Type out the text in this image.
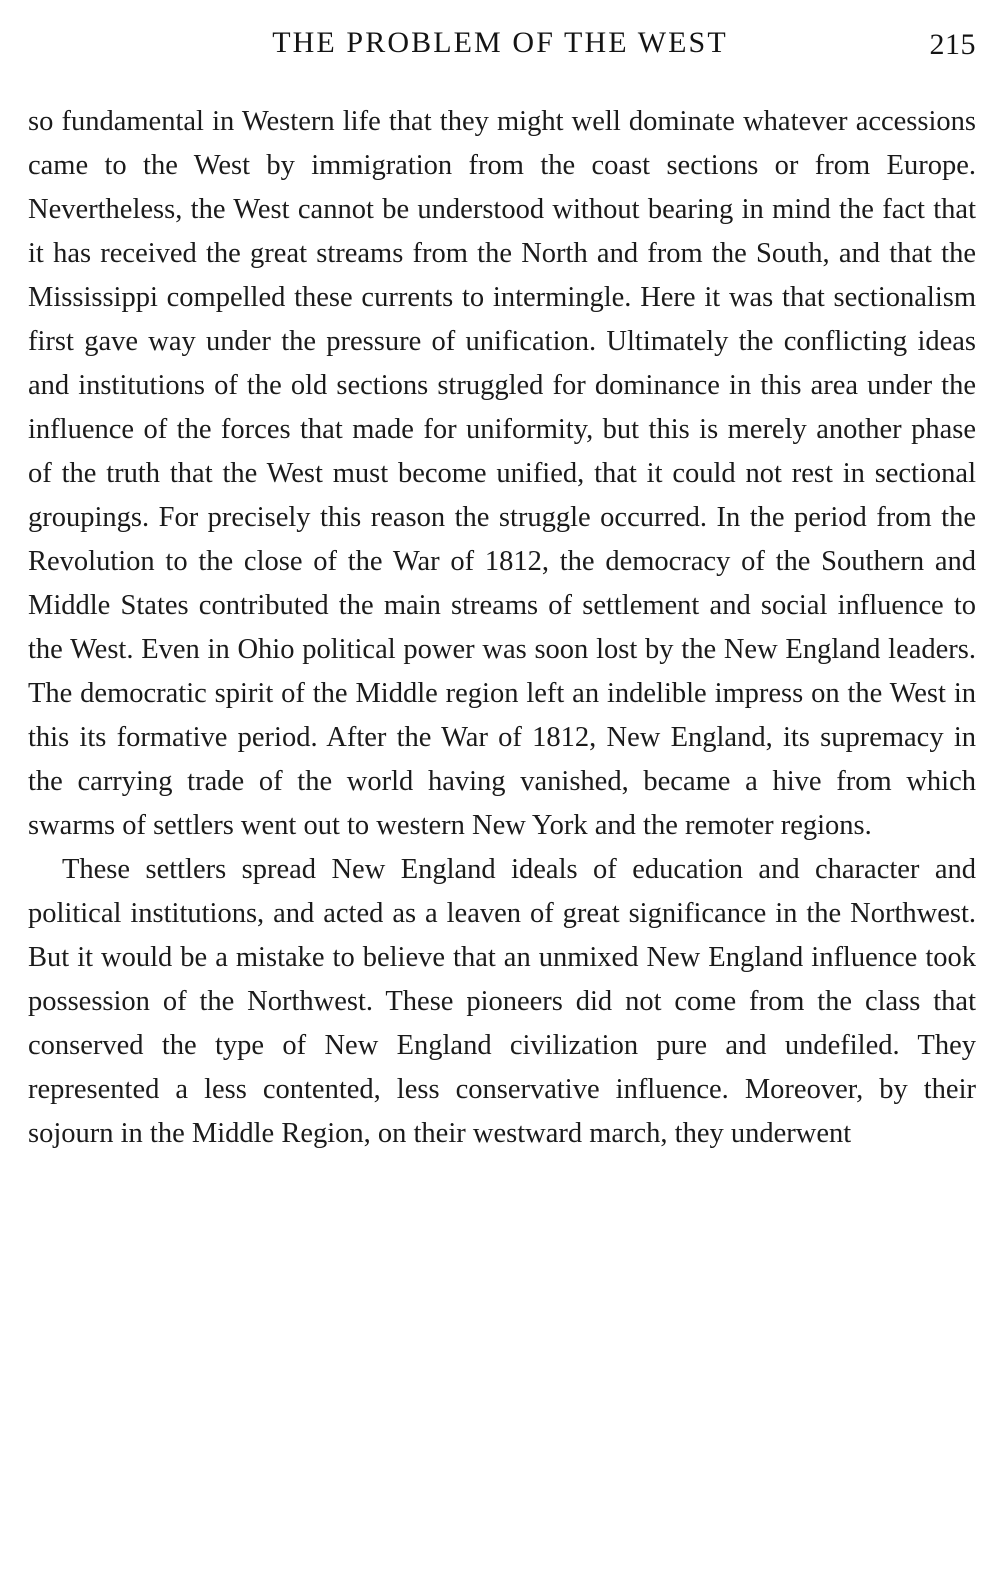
THE PROBLEM OF THE WEST	215

so fundamental in Western life that they might well dominate whatever accessions came to the West by immigration from the coast sections or from Europe. Nevertheless, the West cannot be understood without bearing in mind the fact that it has received the great streams from the North and from the South, and that the Mississippi compelled these currents to intermingle. Here it was that sectionalism first gave way under the pressure of unification. Ultimately the conflicting ideas and institutions of the old sections struggled for dominance in this area under the influence of the forces that made for uniformity, but this is merely another phase of the truth that the West must become unified, that it could not rest in sectional groupings. For precisely this reason the struggle occurred. In the period from the Revolution to the close of the War of 1812, the democracy of the Southern and Middle States contributed the main streams of settlement and social influence to the West. Even in Ohio political power was soon lost by the New England leaders. The democratic spirit of the Middle region left an indelible impress on the West in this its formative period. After the War of 1812, New England, its supremacy in the carrying trade of the world having vanished, became a hive from which swarms of settlers went out to western New York and the remoter regions.

These settlers spread New England ideals of education and character and political institutions, and acted as a leaven of great significance in the Northwest. But it would be a mistake to believe that an unmixed New England influence took possession of the Northwest. These pioneers did not come from the class that conserved the type of New England civilization pure and undefiled. They represented a less contented, less conservative influence. Moreover, by their sojourn in the Middle Region, on their westward march, they underwent
